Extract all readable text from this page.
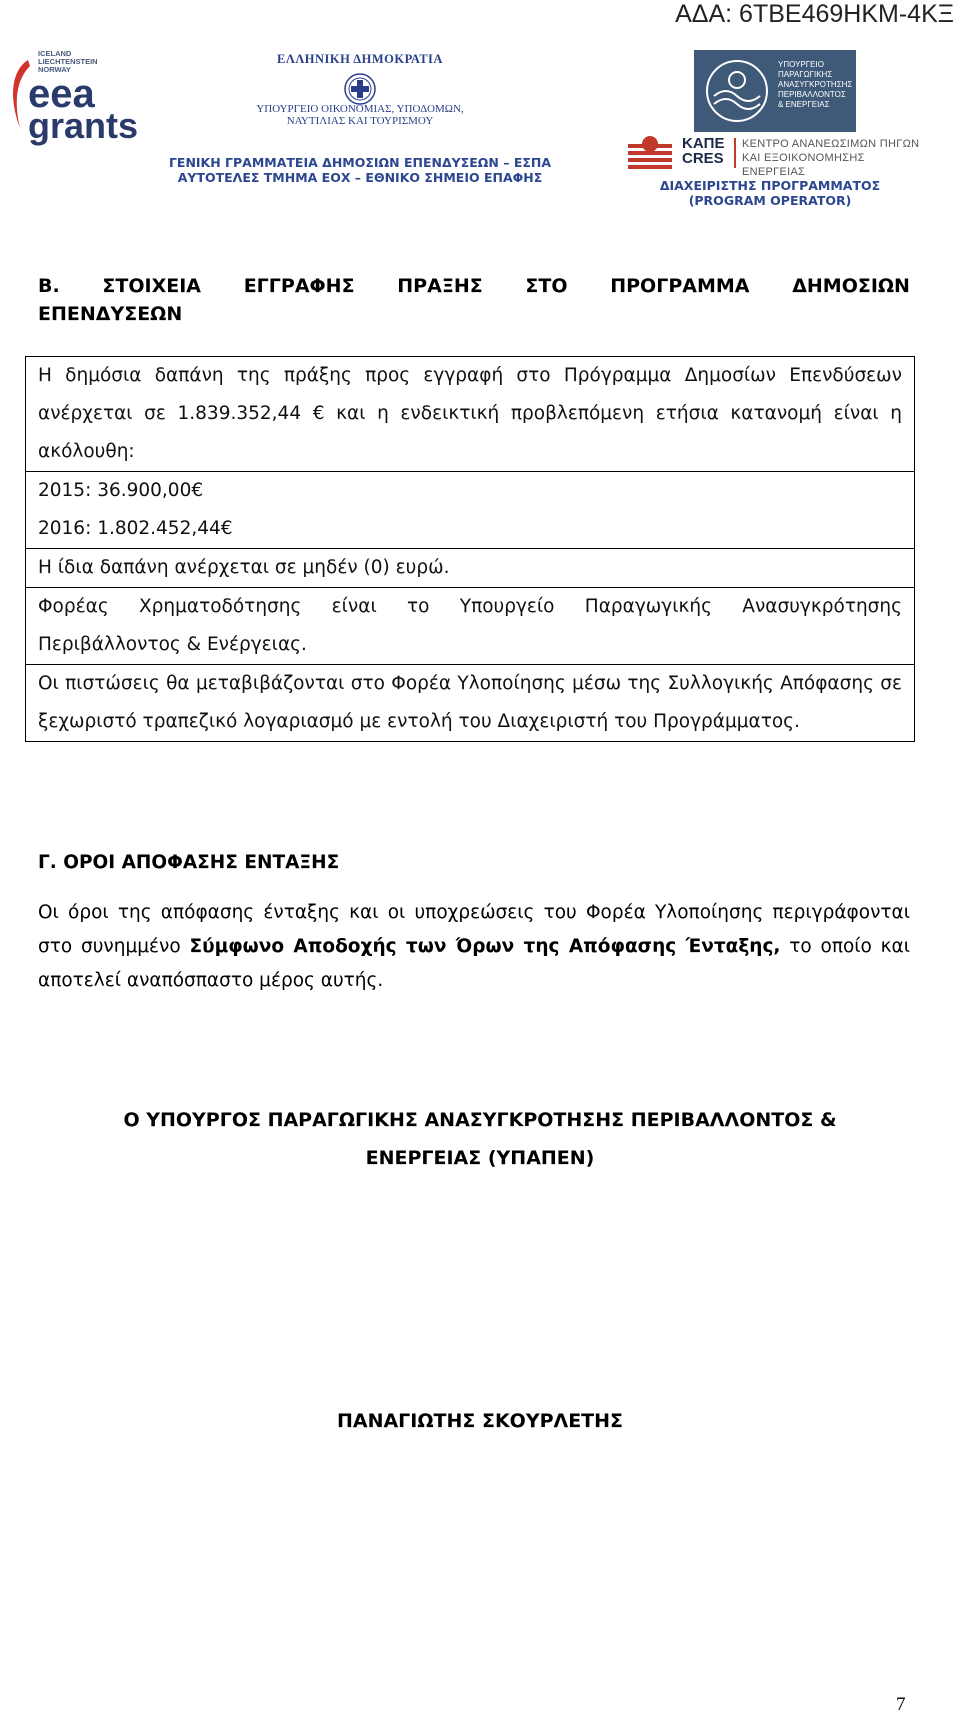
ΑΔΑ: 6ΤΒΕ469ΗΚΜ-4ΚΞ
ICELAND
LIECHTENSTEIN
NORWAY
eea
grants
ΕΛΛΗΝΙΚΗ ΔΗΜΟΚΡΑΤΙΑ
ΥΠΟΥΡΓΕΙΟ ΟΙΚΟΝΟΜΙΑΣ, ΥΠΟΔΟΜΩΝ,
ΝΑΥΤΙΛΙΑΣ ΚΑΙ ΤΟΥΡΙΣΜΟΥ
ΓΕΝΙΚΗ ΓΡΑΜΜΑΤΕΙΑ ΔΗΜΟΣΙΩΝ ΕΠΕΝΔΥΣΕΩΝ – ΕΣΠΑ
ΑΥΤΟΤΕΛΕΣ ΤΜΗΜΑ ΕΟΧ – ΕΘΝΙΚΟ ΣΗΜΕΙΟ ΕΠΑΦΗΣ
ΥΠΟΥΡΓΕΙΟ
ΠΑΡΑΓΩΓΙΚΗΣ
ΑΝΑΣΥΓΚΡΟΤΗΣΗΣ
ΠΕΡΙΒΑΛΛΟΝΤΟΣ
& ΕΝΕΡΓΕΙΑΣ
ΚΑΠΕ
CRES
ΚΕΝΤΡΟ ΑΝΑΝΕΩΣΙΜΩΝ ΠΗΓΩΝ
ΚΑΙ ΕΞΟΙΚΟΝΟΜΗΣΗΣ ΕΝΕΡΓΕΙΑΣ
ΔΙΑΧΕΙΡΙΣΤΗΣ ΠΡΟΓΡΑΜΜΑΤΟΣ
(PROGRAM OPERATOR)
Β. ΣΤΟΙΧΕΙΑ ΕΓΓΡΑΦΗΣ ΠΡΑΞΗΣ ΣΤΟ ΠΡΟΓΡΑΜΜΑ ΔΗΜΟΣΙΩΝ
ΕΠΕΝΔΥΣΕΩΝ
Η δημόσια δαπάνη της πράξης προς εγγραφή στο Πρόγραμμα Δημοσίων Επενδύσεων ανέρχεται σε 1.839.352,44 € και η ενδεικτική προβλεπόμενη ετήσια κατανομή είναι η ακόλουθη:

2015: 36.900,00€
2016: 1.802.452,44€

Η ίδια δαπάνη ανέρχεται σε μηδέν (0) ευρώ.
Φορέας Χρηματοδότησης είναι το Υπουργείο Παραγωγικής Ανασυγκρότησης Περιβάλλοντος & Ενέργειας.
Οι πιστώσεις θα μεταβιβάζονται στο Φορέα Υλοποίησης μέσω της Συλλογικής Απόφασης σε ξεχωριστό τραπεζικό λογαριασμό με εντολή του Διαχειριστή του Προγράμματος.
Γ. ΟΡΟΙ ΑΠΟΦΑΣΗΣ ΕΝΤΑΞΗΣ
Οι όροι της απόφασης ένταξης και οι υποχρεώσεις του Φορέα Υλοποίησης περιγράφονται στο συνημμένο Σύμφωνο Αποδοχής των Όρων της Απόφασης Ένταξης, το οποίο και αποτελεί αναπόσπαστο μέρος αυτής.
Ο ΥΠΟΥΡΓΟΣ ΠΑΡΑΓΩΓΙΚΗΣ ΑΝΑΣΥΓΚΡΟΤΗΣΗΣ ΠΕΡΙΒΑΛΛΟΝΤΟΣ &
ΕΝΕΡΓΕΙΑΣ (ΥΠΑΠΕΝ)
ΠΑΝΑΓΙΩΤΗΣ ΣΚΟΥΡΛΕΤΗΣ
7
